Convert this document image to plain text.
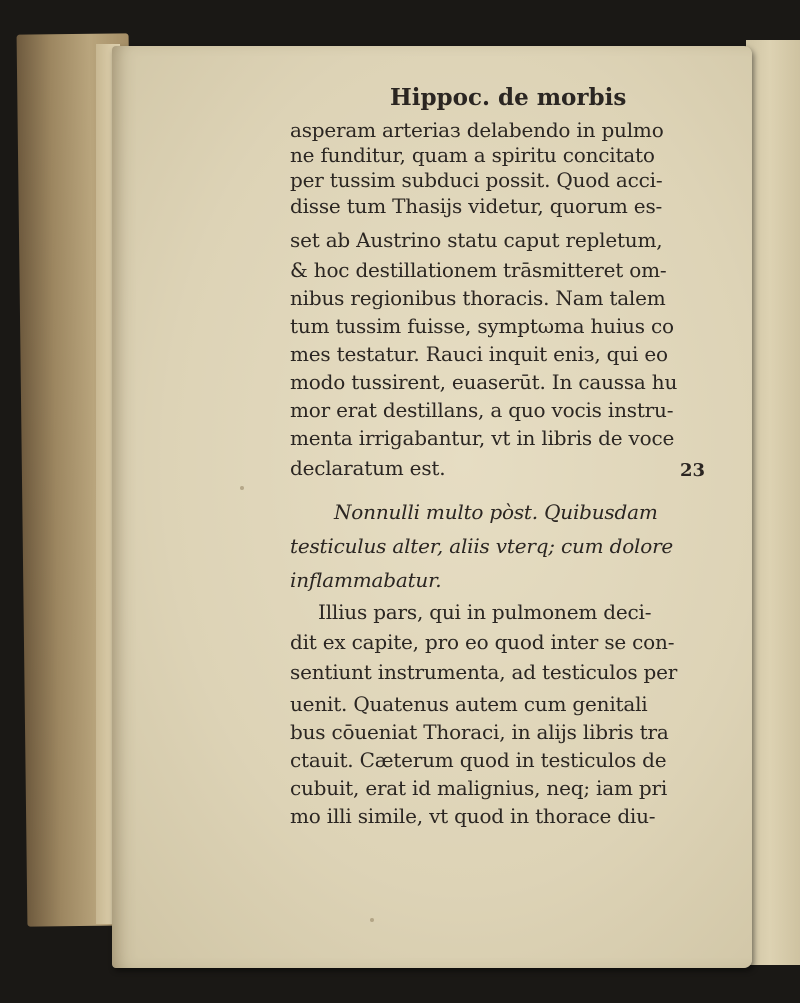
Hippoc. de morbis
asperam arteriaз delabendo in pulmo
ne funditur, quam a spiritu concitato
per tussim subduci possit. Quod acci-
disse tum Thasijs videtur, quorum es-
set ab Austrino statu caput repletum,
& hoc destillationem trāsmitteret om-
nibus regionibus thoracis. Nam talem
tum tussim fuisse, symptωma huius co
mes testatur. Rauci inquit eniз, qui eo
modo tussirent, euaserūt. In caussa hu
mor erat destillans, a quo vocis instru-
menta irrigabantur, vt in libris de voce
declaratum est.	23
Nonnulli multo pòst. Quibusdam
testiculus alter, aliis vterq; cum dolore
inflammabatur.
Illius pars, qui in pulmonem deci-
dit ex capite, pro eo quod inter se con-
sentiunt instrumenta, ad testiculos per
uenit. Quatenus autem cum genitali
bus cōueniat Thoraci, in alijs libris tra
ctauit. Cæterum quod in testiculos de
cubuit, erat id malignius, neq; iam pri
mo illi simile, vt quod in thorace diu-
